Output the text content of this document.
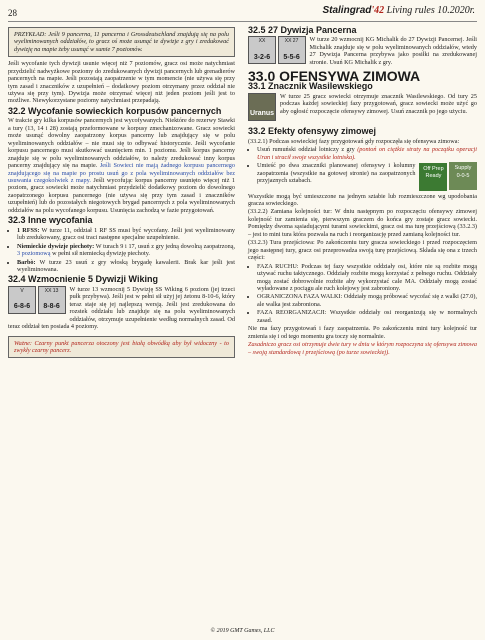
28	Stalingrad'42 Living rules 10.2020r.
PRZYKŁAD: Jeśli 9 pancerna, 11 pancerna i Grossdeutschland znajdują się na polu wyeliminowanych oddziałów, to gracz oś może usunąć te dywizje z gry i zredukować dywizję na mapie żeby usunąć w sumie 7 poziomów.

Jeśli wycofanie tych dywizji usunie więcej niż 7 poziomów, gracz osi może natychmiast przydzielić nadwyżkowe poziomy do zredukowanych dywizji pancernych lub grenadierów pancernych na mapie. Jeśli pozostają zaopatrzenie w tym momencie (nie używa się przy tym zasad i znaczników z uzupełnień – dodatkowy poziom otrzymany przez oddział nie używa się przy tym). Dywizja może otrzymać więcej niż jeden poziom jeśli jest to możliwe. Niewykorzystane poziomy natychmiast przepadają.

32.2 Wycofanie sowieckich korpusów pancernych

W trakcie gry kilka korpusów pancernych jest wycofywanych. Niektóre do rezerwy Stawki a tury (13, 14 i 28) zostają przeformowane w korpusy zmechanizowane. Gracz sowiecki może usunąć dowolny zaopatrzony korpus pancerny lub znajdujący się w polu wyeliminowanych oddziałów – nie musi się to odbywać historycznie. Jeśli wycofanie korpusu pancernego musi skutkować usunięciem min. 1 poziomu. Jeśli korpus pancerny znajduje się w polu wyeliminowanych oddziałów, to należy zredukować inny korpus pancerny znajdujący się na mapie. Jeśli Sowieci nie mają żadnego korpusu pancernego znajdującego się na mapie po prostu usuń go z pola wyeliminowanych oddziałów bez usuwania czegokolwiek z mapy. Jeśli wycofując korpus pancerny usunięto więcej niż 1 poziom, gracz sowiecki może natychmiast przydzielić dodatkowy poziom do dowolnego zaopatrzonego korpusu pancernego (nie używa się przy tym zasad i znaczników uzupełnień) lub do pozostałych niegotowych brygad pancernych z pola wyeliminowanych oddziałów na polu wycofanego korpusu. Usunięcia zachodzą w fazie przygotowań.

32.3 Inne wycofania
• 1 RFSS: W turze 11, oddział 1 RF SS musi być wycofany. Jeśli jest wyeliminowany lub zredukowany, gracz osi traci następne specjalne uzupełnienie.
• Niemieckie dywizje piechoty: W turach 9 i 17, usuń z gry jedną dowolną zaopatrzoną, 3 poziomową w pełni sił niemiecką dywizję piechoty.
• Barbò: W turze 23 usuń z gry włoską brygadę kawalerii. Brak kar jeśli jest wyeliminowana.
32.4 Wzmocnienie 5 Dywizji Wiking
V
6-8-6

XX 13
8-8-6

W turze 13 wzmocnij 5 Dywizję SS Wiking 6 poziom (jej trzeci pułk przybywa). Jeśli jest w pełni sił użyj jej żetonu 8-10-6, który teraz staje się jej najlepszą wersją. Jeśli jest zredukowana do rozstek oddziału lub znajduje się na polu wyeliminowanych oddziałów, otrzymuje uzupełnienie według normalnych zasad. Od teraz oddział ten posiada 4 poziomy.

Ważne: Czarny punkt pancerza otoczony jest białą obwódką aby był widoczny - to zwykły czarny pancerz.
32.5 27 Dywizja Pancerna
XX
3-2-6

XX 27
5-5-6

W turze 20 wzmocnij KG Michalik do 27 Dywizji Pancernej. Jeśli Michalik znajduje się w polu wyeliminowanych oddziałów, wtedy 27 Dywizja Pancerna przybywa jako posiłki na zredukowanej stronie. Usuń KG Michalik z gry.

33.0 OFENSYWA ZIMOWA
33.1 Znacznik Wasilewskiego
Uranus

W turze 25 gracz sowiecki otrzymuje znacznik Wasilewskiego. Od tury 25 podczas każdej sowieckiej fazy przygotowań, gracz sowiecki może użyć go aby ogłosić rozpoczęcie ofensywy zimowej. Usuń znacznik po jego użyciu.

33.2 Efekty ofensywy zimowej

(33.2.1) Podczas sowieckiej fazy przygotowań gdy rozpoczęła się ofensywa zimowa:

• Usuń rumuński oddział lotniczy z gry (pontoń on ciężkie straty na początku operacji Uran i stracił swoje wszystkie lotniska).
• Off Prep
Ready Supply
0-0-5
Umieść po dwa znaczniki planowanej ofensywy i kolumny zaopatrzenia (wszystkie na gotowej stronie) na zaopatrzonych przyjaznych sztabach.

Wszystkie mogą być umieszczone na jednym sztabie lub rozmieszczone wg upodobania gracza sowieckiego.

(33.2.2) Zamiana kolejności tur: W dniu następnym po rozpoczęciu ofensywy zimowej kolejność tur zamienia się, pierwszym graczem do końca gry zostaje gracz sowiecki. Pomiędzy dwoma sąsiadującymi turami sowieckimi, gracz osi ma turę przejściową (33.2.3) – jest to mini tura która pozwala na ruch i reorganizację przed zamianą kolejności tur.

(33.2.3) Tura przejściowa: Po zakończeniu tury gracza sowieckiego i przed rozpoczęciem jego następnej tury, gracz osi przeprowadza swoją turę przejściową. Składa się ona z trzech części:

• FAZA RUCHU: Podczas tej fazy wszystkie oddziały osi, które nie są rozbite mogą używać ruchu taktycznego. Oddziały rozbite mogą korzystać z pełnego ruchu. Oddziały mogą zostać dobrowolnie rozbite aby wykorzystać cale MA. Oddziały mogą zostać wyładowane z pociągu ale ruch kolejowy jest zabroniony.
• OGRANICZONA FAZA WALKI: Oddziały mogą próbować wycofać się z walki (27.0), ale walka jest zabroniona.
• FAZA REORGANIZACJI: Wszystkie oddziały osi reorganizują się w normalnych zasad.

Nie ma fazy przygotowań i fazy zaopatrzenia. Po zakończeniu mini tury kolejność tur zmienia się i od tego momentu gra toczy się normalnie.

Zasadniczo gracz osi otrzymuje dwie tury w dniu w którym rozpoczyna się ofensywa zimowa – swoją standardową i przejściową (po turze sowieckiej).

© 2019 GMT Games, LLC
